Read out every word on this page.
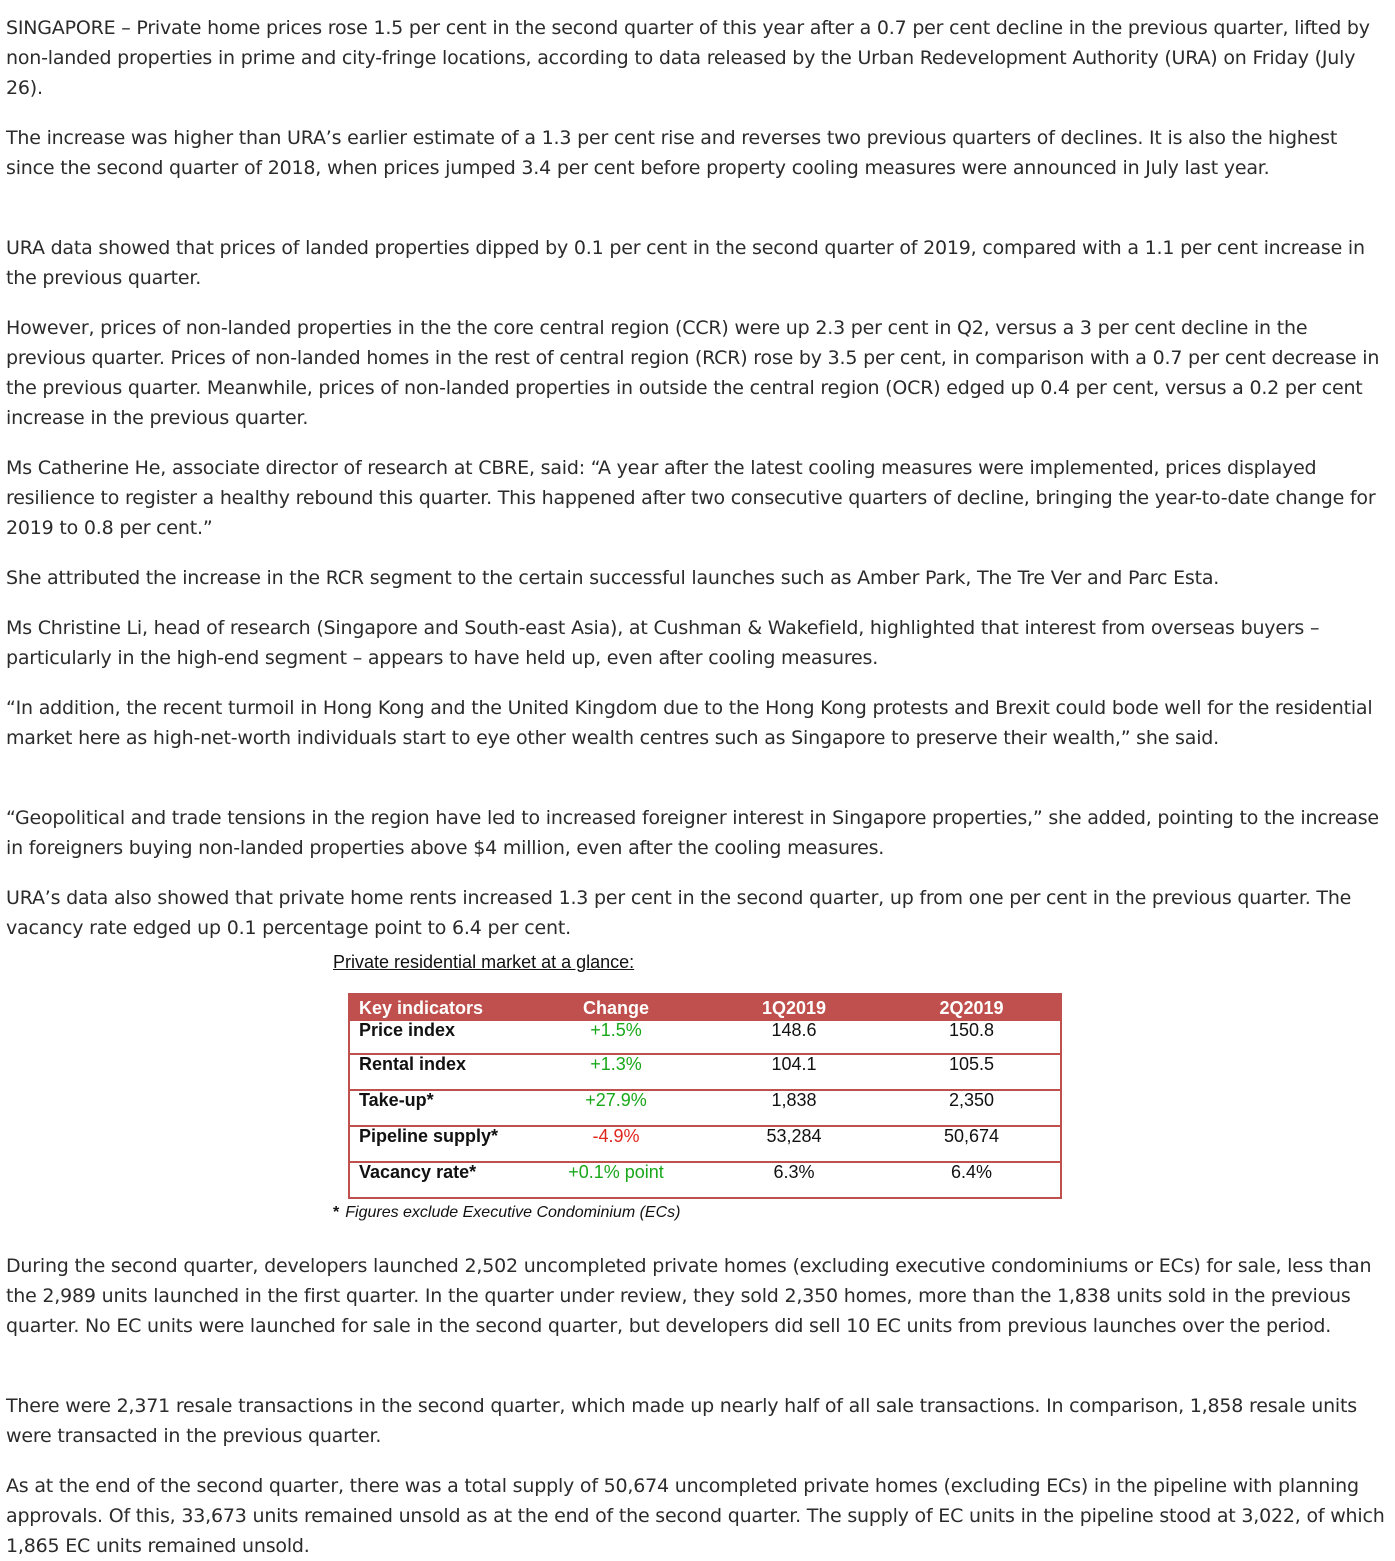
SINGAPORE – Private home prices rose 1.5 per cent in the second quarter of this year after a 0.7 per cent decline in the previous quarter, lifted by non-landed properties in prime and city-fringe locations, according to data released by the Urban Redevelopment Authority (URA) on Friday (July 26).

The increase was higher than URA’s earlier estimate of a 1.3 per cent rise and reverses two previous quarters of declines. It is also the highest since the second quarter of 2018, when prices jumped 3.4 per cent before property cooling measures were announced in July last year.

URA data showed that prices of landed properties dipped by 0.1 per cent in the second quarter of 2019, compared with a 1.1 per cent increase in the previous quarter.

However, prices of non-landed properties in the the core central region (CCR) were up 2.3 per cent in Q2, versus a 3 per cent decline in the previous quarter. Prices of non-landed homes in the rest of central region (RCR) rose by 3.5 per cent, in comparison with a 0.7 per cent decrease in the previous quarter. Meanwhile, prices of non-landed properties in outside the central region (OCR) edged up 0.4 per cent, versus a 0.2 per cent increase in the previous quarter.

Ms Catherine He, associate director of research at CBRE, said: “A year after the latest cooling measures were implemented, prices displayed resilience to register a healthy rebound this quarter. This happened after two consecutive quarters of decline, bringing the year-to-date change for 2019 to 0.8 per cent.”

She attributed the increase in the RCR segment to the certain successful launches such as Amber Park, The Tre Ver and Parc Esta.

Ms Christine Li, head of research (Singapore and South-east Asia), at Cushman & Wakefield, highlighted that interest from overseas buyers – particularly in the high-end segment – appears to have held up, even after cooling measures.

“In addition, the recent turmoil in Hong Kong and the United Kingdom due to the Hong Kong protests and Brexit could bode well for the residential market here as high-net-worth individuals start to eye other wealth centres such as Singapore to preserve their wealth,” she said.

“Geopolitical and trade tensions in the region have led to increased foreigner interest in Singapore properties,” she added, pointing to the increase in foreigners buying non-landed properties above $4 million, even after the cooling measures.

URA’s data also showed that private home rents increased 1.3 per cent in the second quarter, up from one per cent in the previous quarter. The vacancy rate edged up 0.1 percentage point to 6.4 per cent.

Private residential market at a glance:
Key indicators	Change	1Q2019	2Q2019
Price index	+1.5%	148.6	150.8
Rental index	+1.3%	104.1	105.5
Take-up*	+27.9%	1,838	2,350
Pipeline supply*	-4.9%	53,284	50,674
Vacancy rate*	+0.1% point	6.3%	6.4%
* Figures exclude Executive Condominium (ECs)

During the second quarter, developers launched 2,502 uncompleted private homes (excluding executive condominiums or ECs) for sale, less than the 2,989 units launched in the first quarter. In the quarter under review, they sold 2,350 homes, more than the 1,838 units sold in the previous quarter. No EC units were launched for sale in the second quarter, but developers did sell 10 EC units from previous launches over the period.

There were 2,371 resale transactions in the second quarter, which made up nearly half of all sale transactions. In comparison, 1,858 resale units were transacted in the previous quarter.

As at the end of the second quarter, there was a total supply of 50,674 uncompleted private homes (excluding ECs) in the pipeline with planning approvals. Of this, 33,673 units remained unsold as at the end of the second quarter. The supply of EC units in the pipeline stood at 3,022, of which 1,865 EC units remained unsold.
